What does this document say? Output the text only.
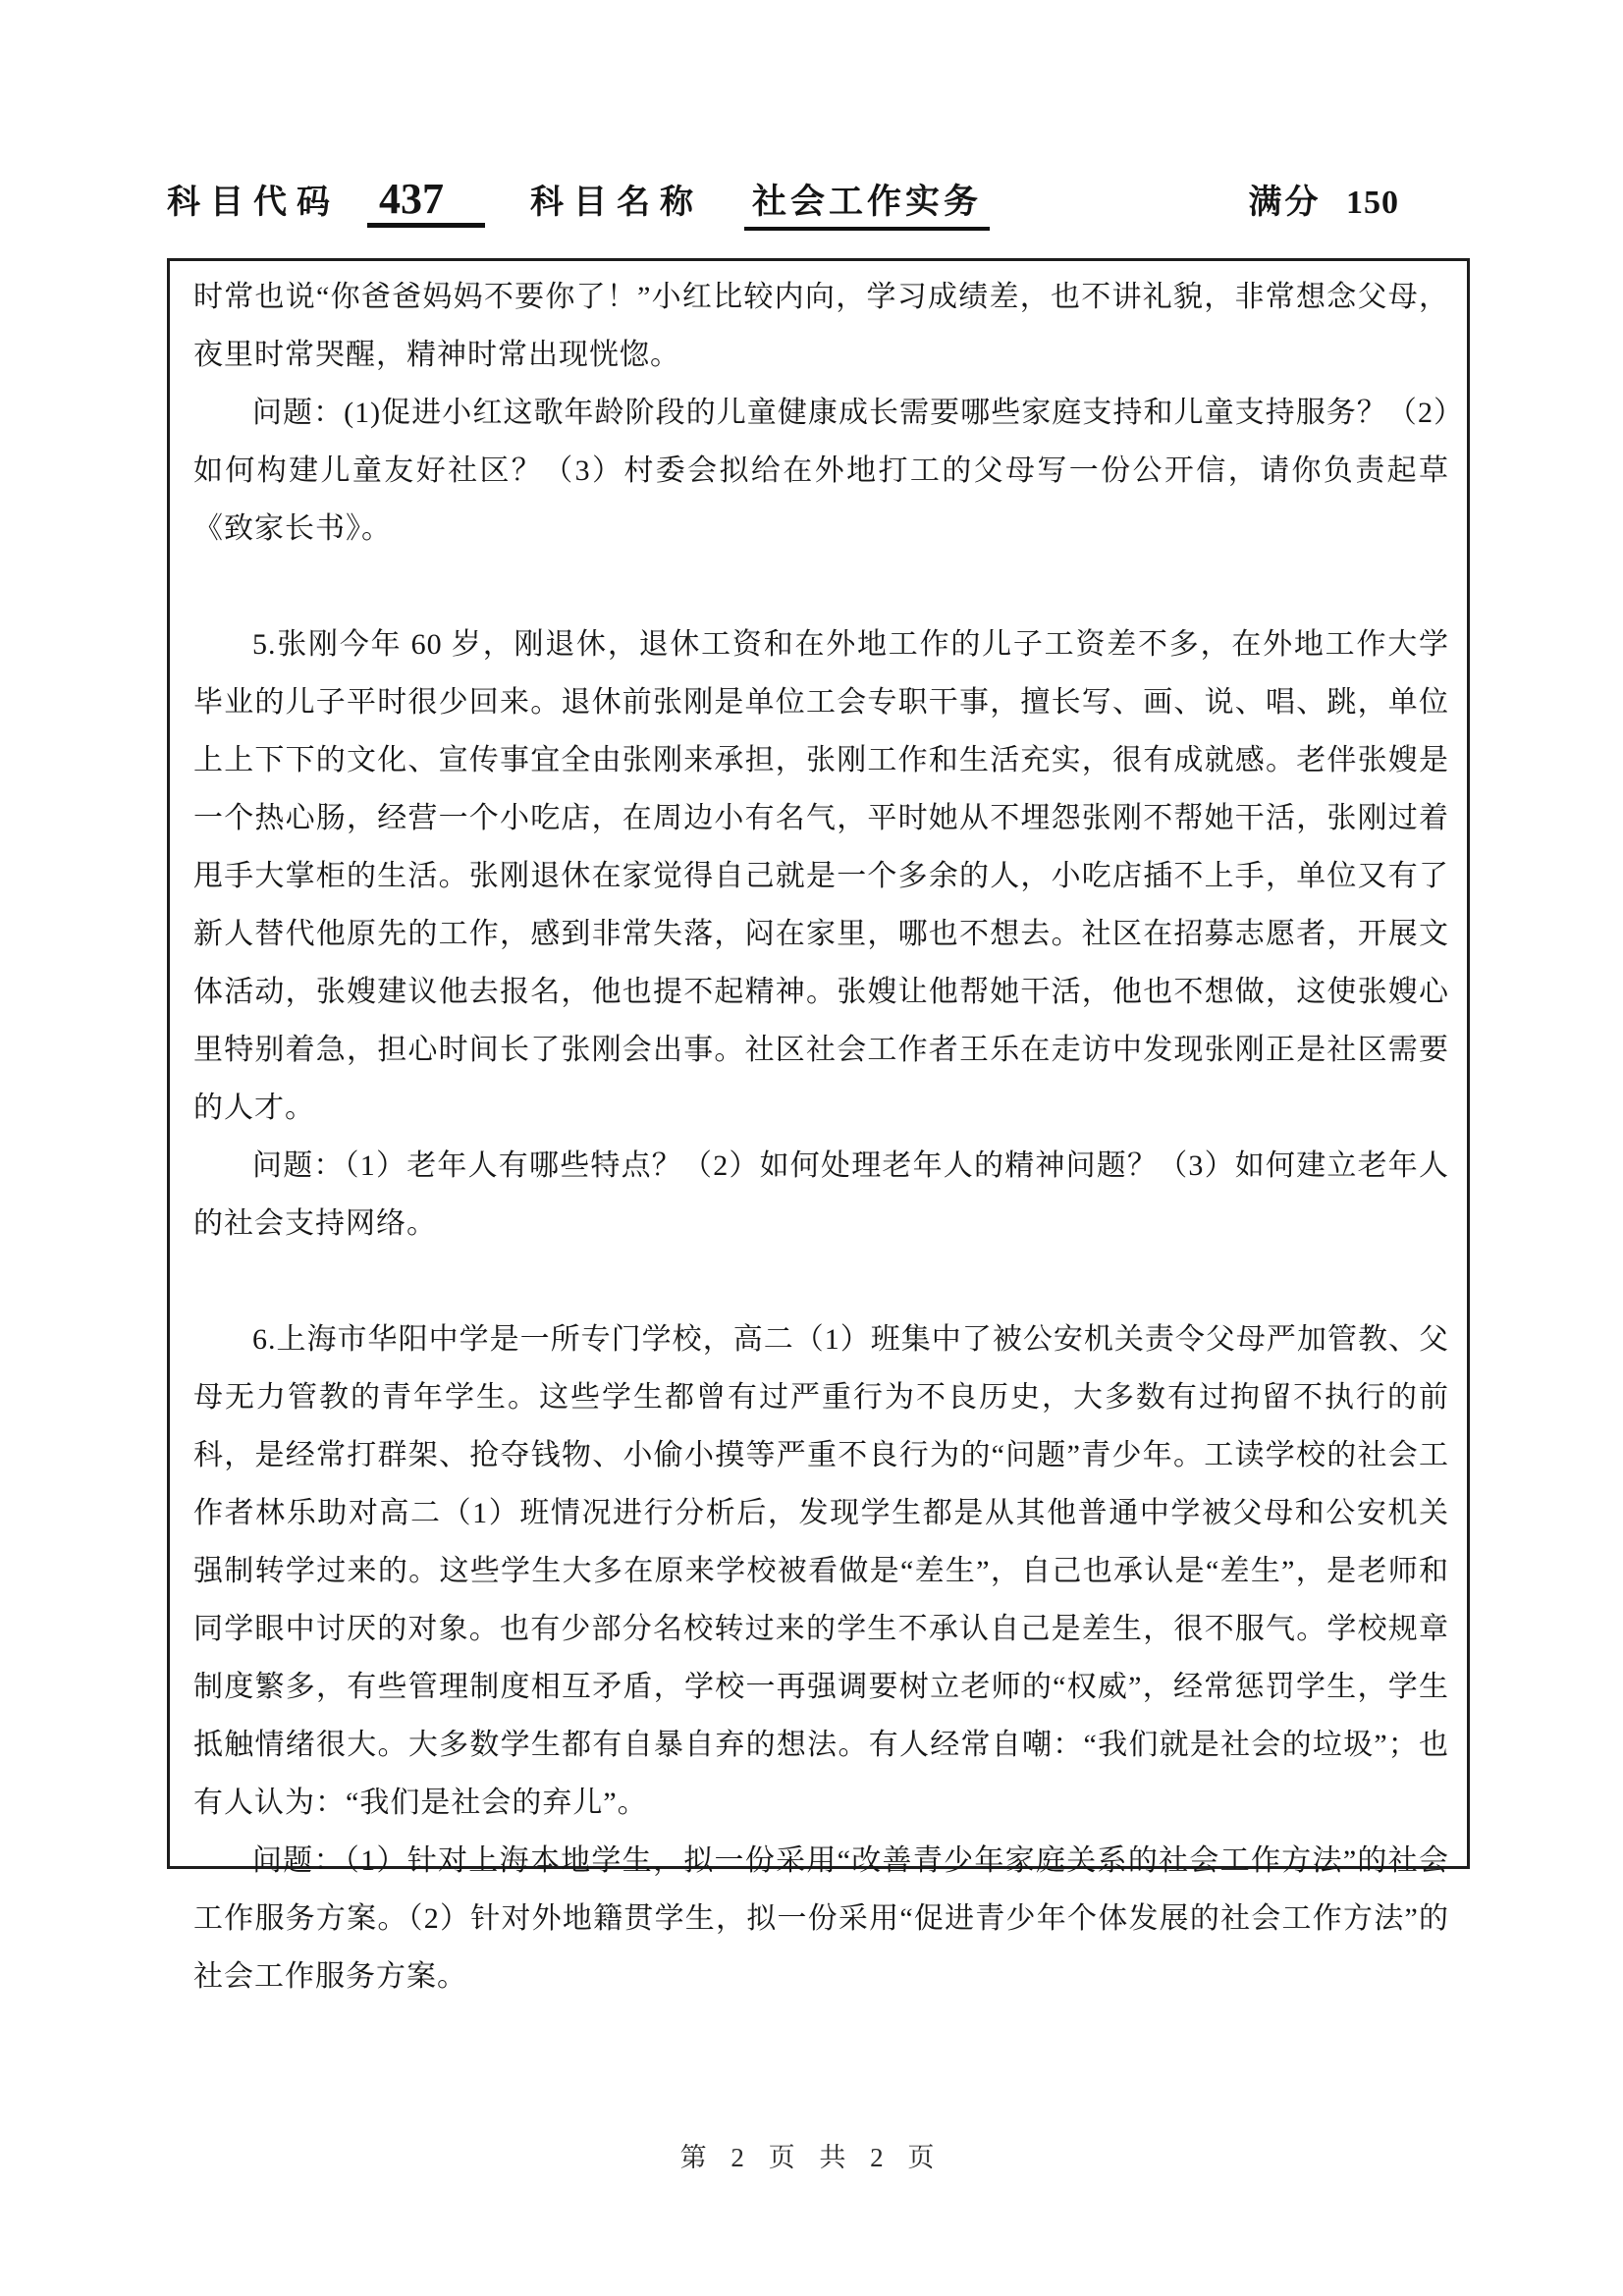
科目代码 437	科目名称 社会工作实务	满分 150

时常也说“你爸爸妈妈不要你了！”小红比较内向，学习成绩差，也不讲礼貌，非常想念父母，夜里时常哭醒，精神时常出现恍惚。

问题：(1)促进小红这歌年龄阶段的儿童健康成长需要哪些家庭支持和儿童支持服务？（2）如何构建儿童友好社区？（3）村委会拟给在外地打工的父母写一份公开信，请你负责起草《致家长书》。

5.张刚今年 60 岁，刚退休，退休工资和在外地工作的儿子工资差不多，在外地工作大学毕业的儿子平时很少回来。退休前张刚是单位工会专职干事，擅长写、画、说、唱、跳，单位上上下下的文化、宣传事宜全由张刚来承担，张刚工作和生活充实，很有成就感。老伴张嫂是一个热心肠，经营一个小吃店，在周边小有名气，平时她从不埋怨张刚不帮她干活，张刚过着甩手大掌柜的生活。张刚退休在家觉得自己就是一个多余的人，小吃店插不上手，单位又有了新人替代他原先的工作，感到非常失落，闷在家里，哪也不想去。社区在招募志愿者，开展文体活动，张嫂建议他去报名，他也提不起精神。张嫂让他帮她干活，他也不想做，这使张嫂心里特别着急，担心时间长了张刚会出事。社区社会工作者王乐在走访中发现张刚正是社区需要的人才。

问题：（1）老年人有哪些特点？（2）如何处理老年人的精神问题？（3）如何建立老年人的社会支持网络。

6.上海市华阳中学是一所专门学校，高二（1）班集中了被公安机关责令父母严加管教、父母无力管教的青年学生。这些学生都曾有过严重行为不良历史，大多数有过拘留不执行的前科，是经常打群架、抢夺钱物、小偷小摸等严重不良行为的“问题”青少年。工读学校的社会工作者林乐助对高二（1）班情况进行分析后，发现学生都是从其他普通中学被父母和公安机关强制转学过来的。这些学生大多在原来学校被看做是“差生”，自己也承认是“差生”，是老师和同学眼中讨厌的对象。也有少部分名校转过来的学生不承认自己是差生，很不服气。学校规章制度繁多，有些管理制度相互矛盾，学校一再强调要树立老师的“权威”，经常惩罚学生，学生抵触情绪很大。大多数学生都有自暴自弃的想法。有人经常自嘲：“我们就是社会的垃圾”；也有人认为：“我们是社会的弃儿”。

问题：（1）针对上海本地学生，拟一份采用“改善青少年家庭关系的社会工作方法”的社会工作服务方案。（2）针对外地籍贯学生，拟一份采用“促进青少年个体发展的社会工作方法”的社会工作服务方案。

第 2 页 共 2 页
